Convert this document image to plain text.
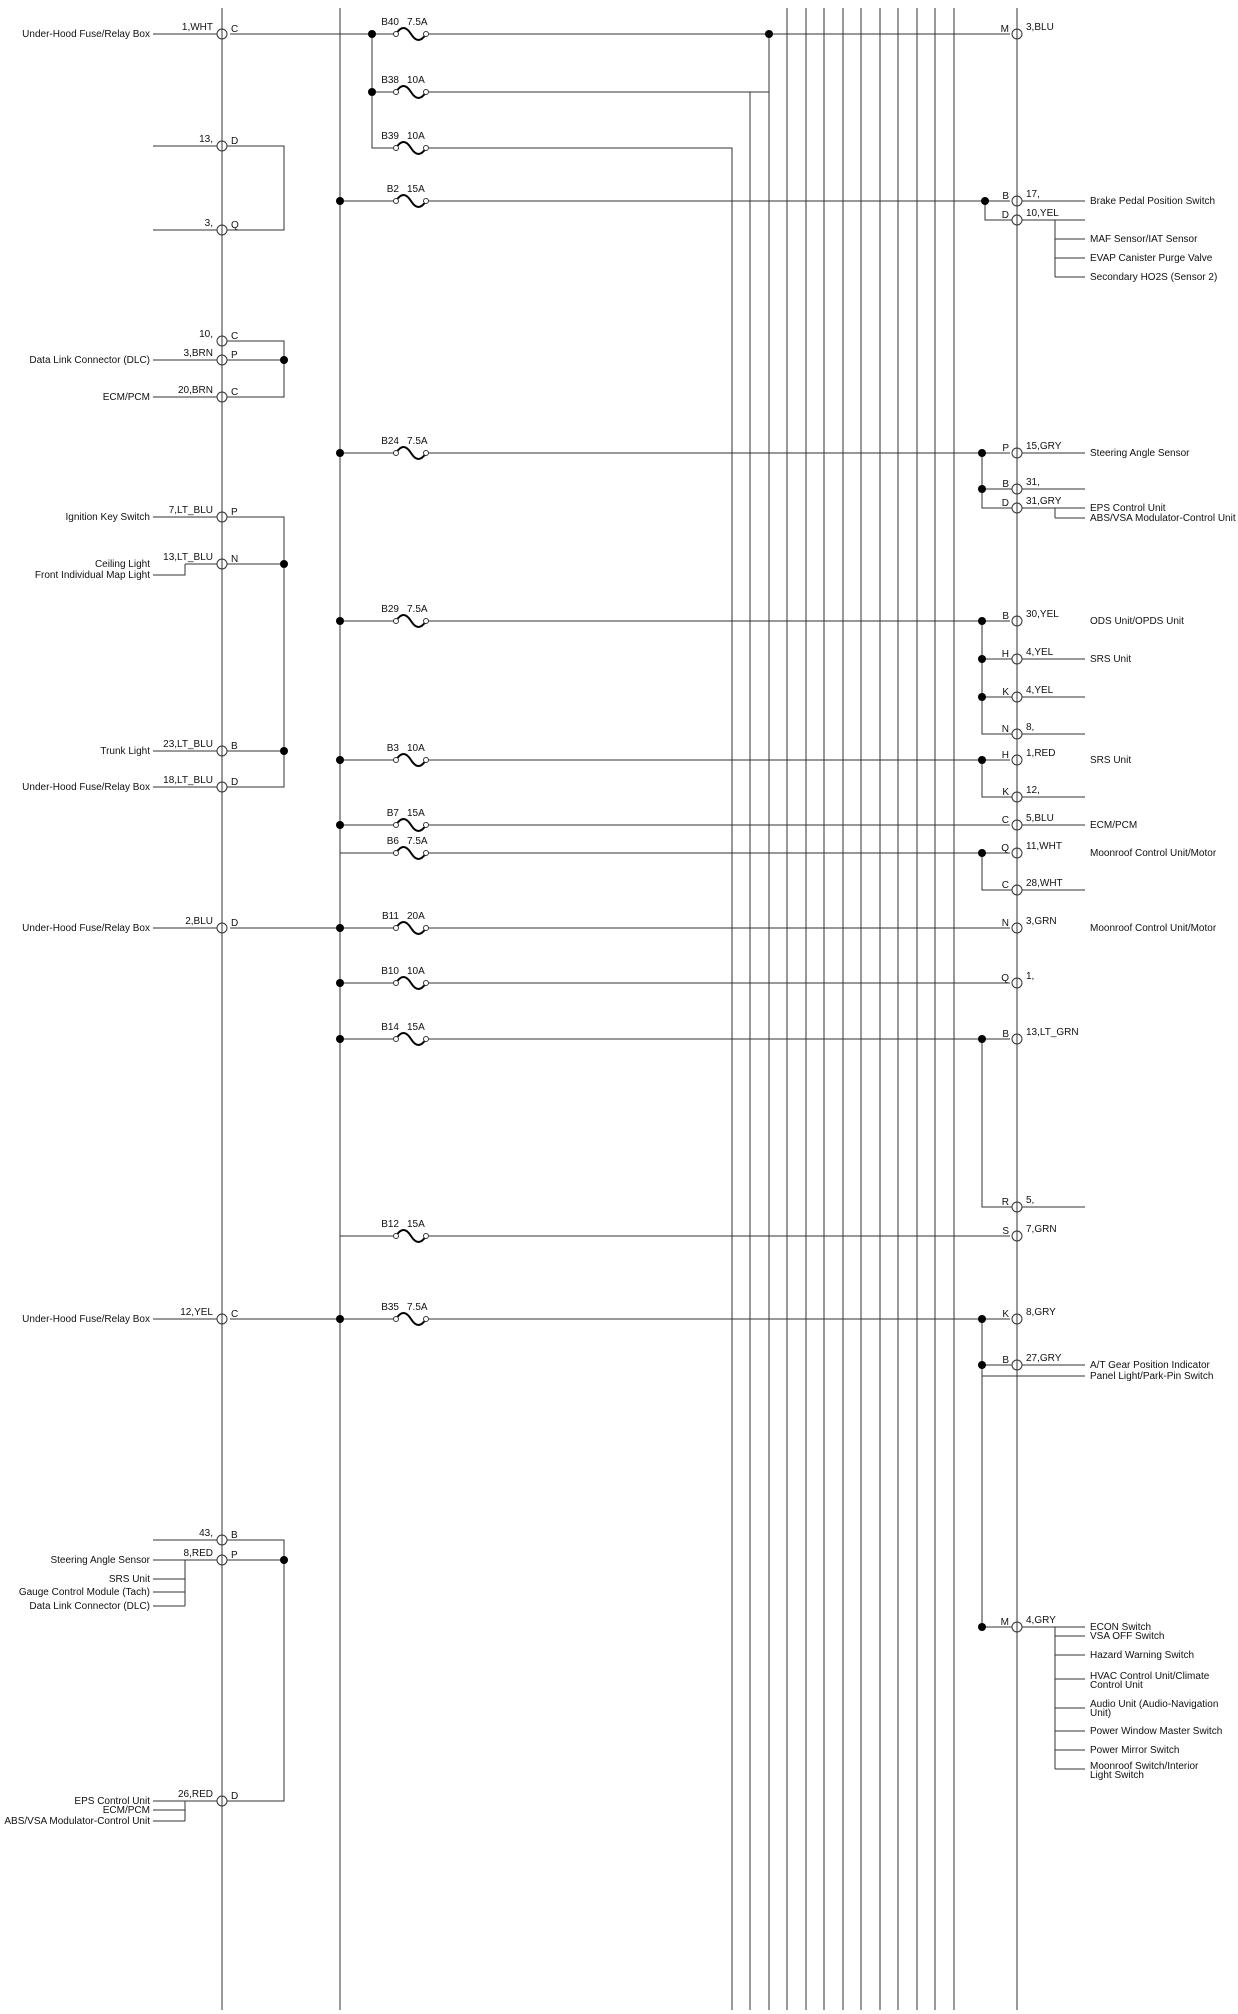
1,WHT C
Under-Hood Fuse/Relay Box
13, D
3, Q
10, C
3,BRN P
Data Link Connector (DLC)
20,BRN C
ECM/PCM
7,LT_BLU P
Ignition Key Switch
13,LT_BLU N
Ceiling Light
23,LT_BLU B
Trunk Light
18,LT_BLU D
Under-Hood Fuse/Relay Box
2,BLU D
Under-Hood Fuse/Relay Box
12,YEL C
Under-Hood Fuse/Relay Box
43, B
8,RED P
Steering Angle Sensor
26,RED D
EPS Control Unit
B40 7.5A
B38 10A
B39 10A
B2 15A
B24 7.5A
B29 7.5A
B3 10A
B7 15A
B6 7.5A
B11 20A
B10 10A
B14 15A
B12 15A
B35 7.5A
M 3,BLU
B 17,
Brake Pedal Position Switch
D 10,YEL
P 15,GRY
Steering Angle Sensor
B 31,
D 31,GRY
EPS Control Unit
B 30,YEL
ODS Unit/OPDS Unit
H 4,YEL
SRS Unit
K 4,YEL
N 8,
H 1,RED
SRS Unit
K 12,
C 5,BLU
ECM/PCM
Q 11,WHT
Moonroof Control Unit/Motor
C 28,WHT
N 3,GRN
Moonroof Control Unit/Motor
Q 1,
B 13,LT_GRN
R 5,
S 7,GRN
K 8,GRY
B 27,GRY
A/T Gear Position Indicator
M 4,GRY
ECON Switch
Front Individual Map Light
SRS Unit
Gauge Control Module (Tach)
Data Link Connector (DLC)
ECM/PCM
ABS/VSA Modulator-Control Unit
MAF Sensor/IAT Sensor
EVAP Canister Purge Valve
Secondary HO2S (Sensor 2)
ABS/VSA Modulator-Control Unit
Panel Light/Park-Pin Switch
VSA OFF Switch
Hazard Warning Switch
HVAC Control Unit/Climate
Control Unit
Audio Unit (Audio-Navigation
Unit)
Power Window Master Switch
Power Mirror Switch
Moonroof Switch/Interior
Light Switch
